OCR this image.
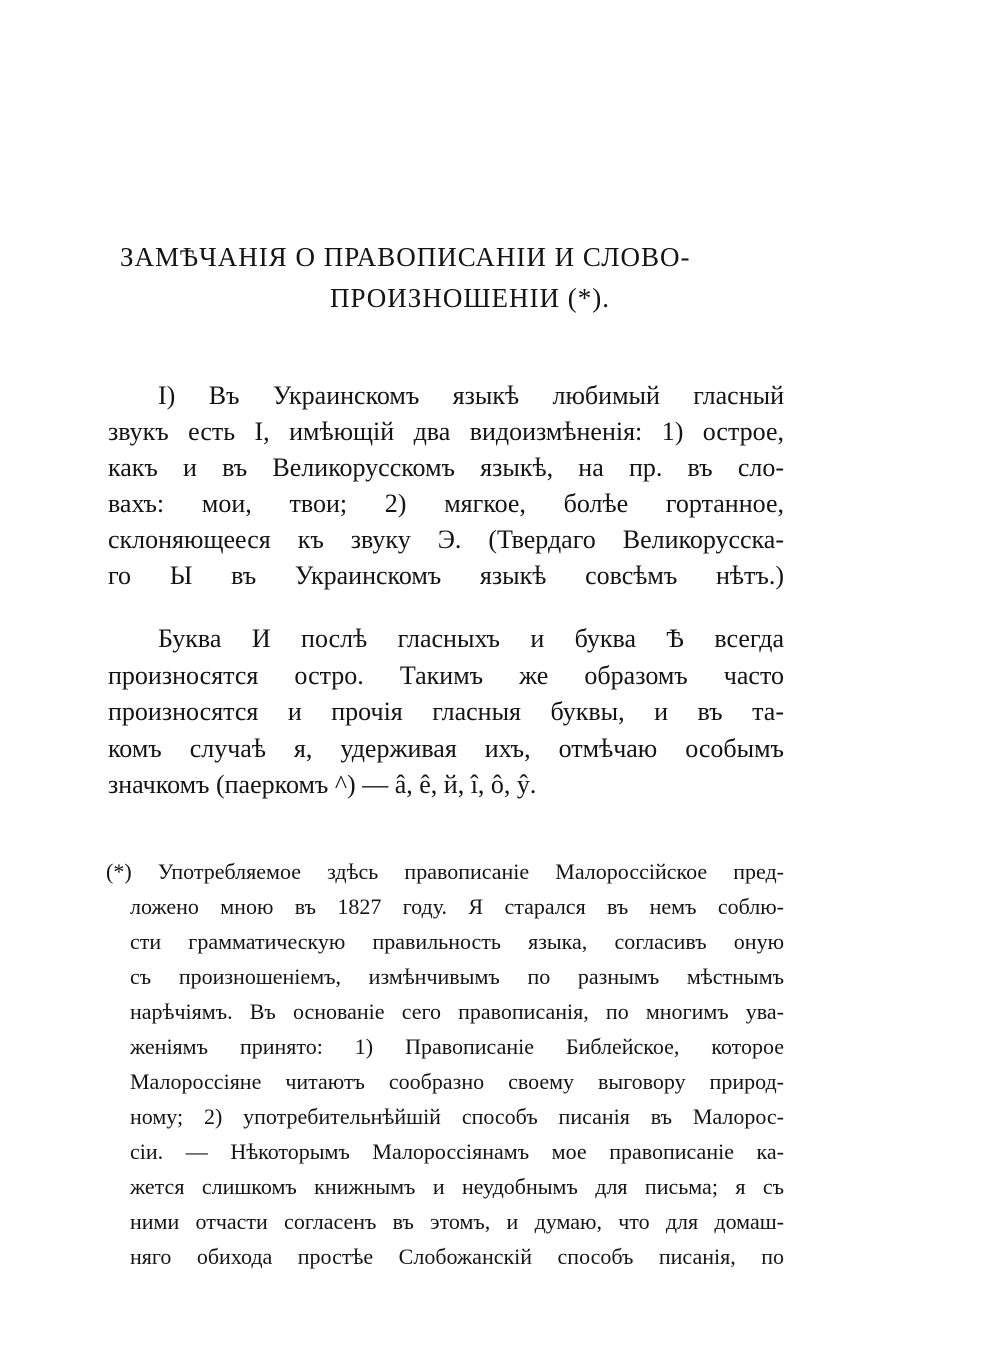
ЗАМѢЧАНІЯ О ПРАВОПИСАНІИ И СЛОВО-
ПРОИЗНОШЕНІИ (*).
I) Въ Украинскомъ языкѣ любимый гласный
звукъ есть І, имѣющій два видоизмѣненія: 1) острое,
какъ и въ Великорусскомъ языкѣ, на пр. въ сло-
вахъ: мои, твои; 2) мягкое, болѣе гортанное,
склоняющееся къ звуку Э. (Твердаго Великорусска-
го Ы въ Украинскомъ языкѣ совсѣмъ нѣтъ.)
Буква И послѣ гласныхъ и буква Ѣ всегда
произносятся остро. Такимъ же образомъ часто
произносятся и прочія гласныя буквы, и въ та-
комъ случаѣ я, удерживая ихъ, отмѣчаю особымъ
значкомъ (паеркомъ ^) — â, ê, й, î, ô, ŷ.
(*) Употребляемое здѣсь правописаніе Малороссійское пред-
ложено мною въ 1827 году. Я старался въ немъ соблю-
сти грамматическую правильность языка, согласивъ оную
съ произношеніемъ, измѣнчивымъ по разнымъ мѣстнымъ
нарѣчіямъ. Въ основаніе сего правописанія, по многимъ ува-
женіямъ принято: 1) Правописаніе Библейское, которое
Малороссіяне читаютъ сообразно своему выговору природ-
ному; 2) употребительнѣйшій способъ писанія въ Малорос-
сіи. — Нѣкоторымъ Малороссіянамъ мое правописаніе ка-
жется слишкомъ книжнымъ и неудобнымъ для письма; я съ
ними отчасти согласенъ въ этомъ, и думаю, что для домаш-
няго обихода простѣе Слобожанскій способъ писанія, по
